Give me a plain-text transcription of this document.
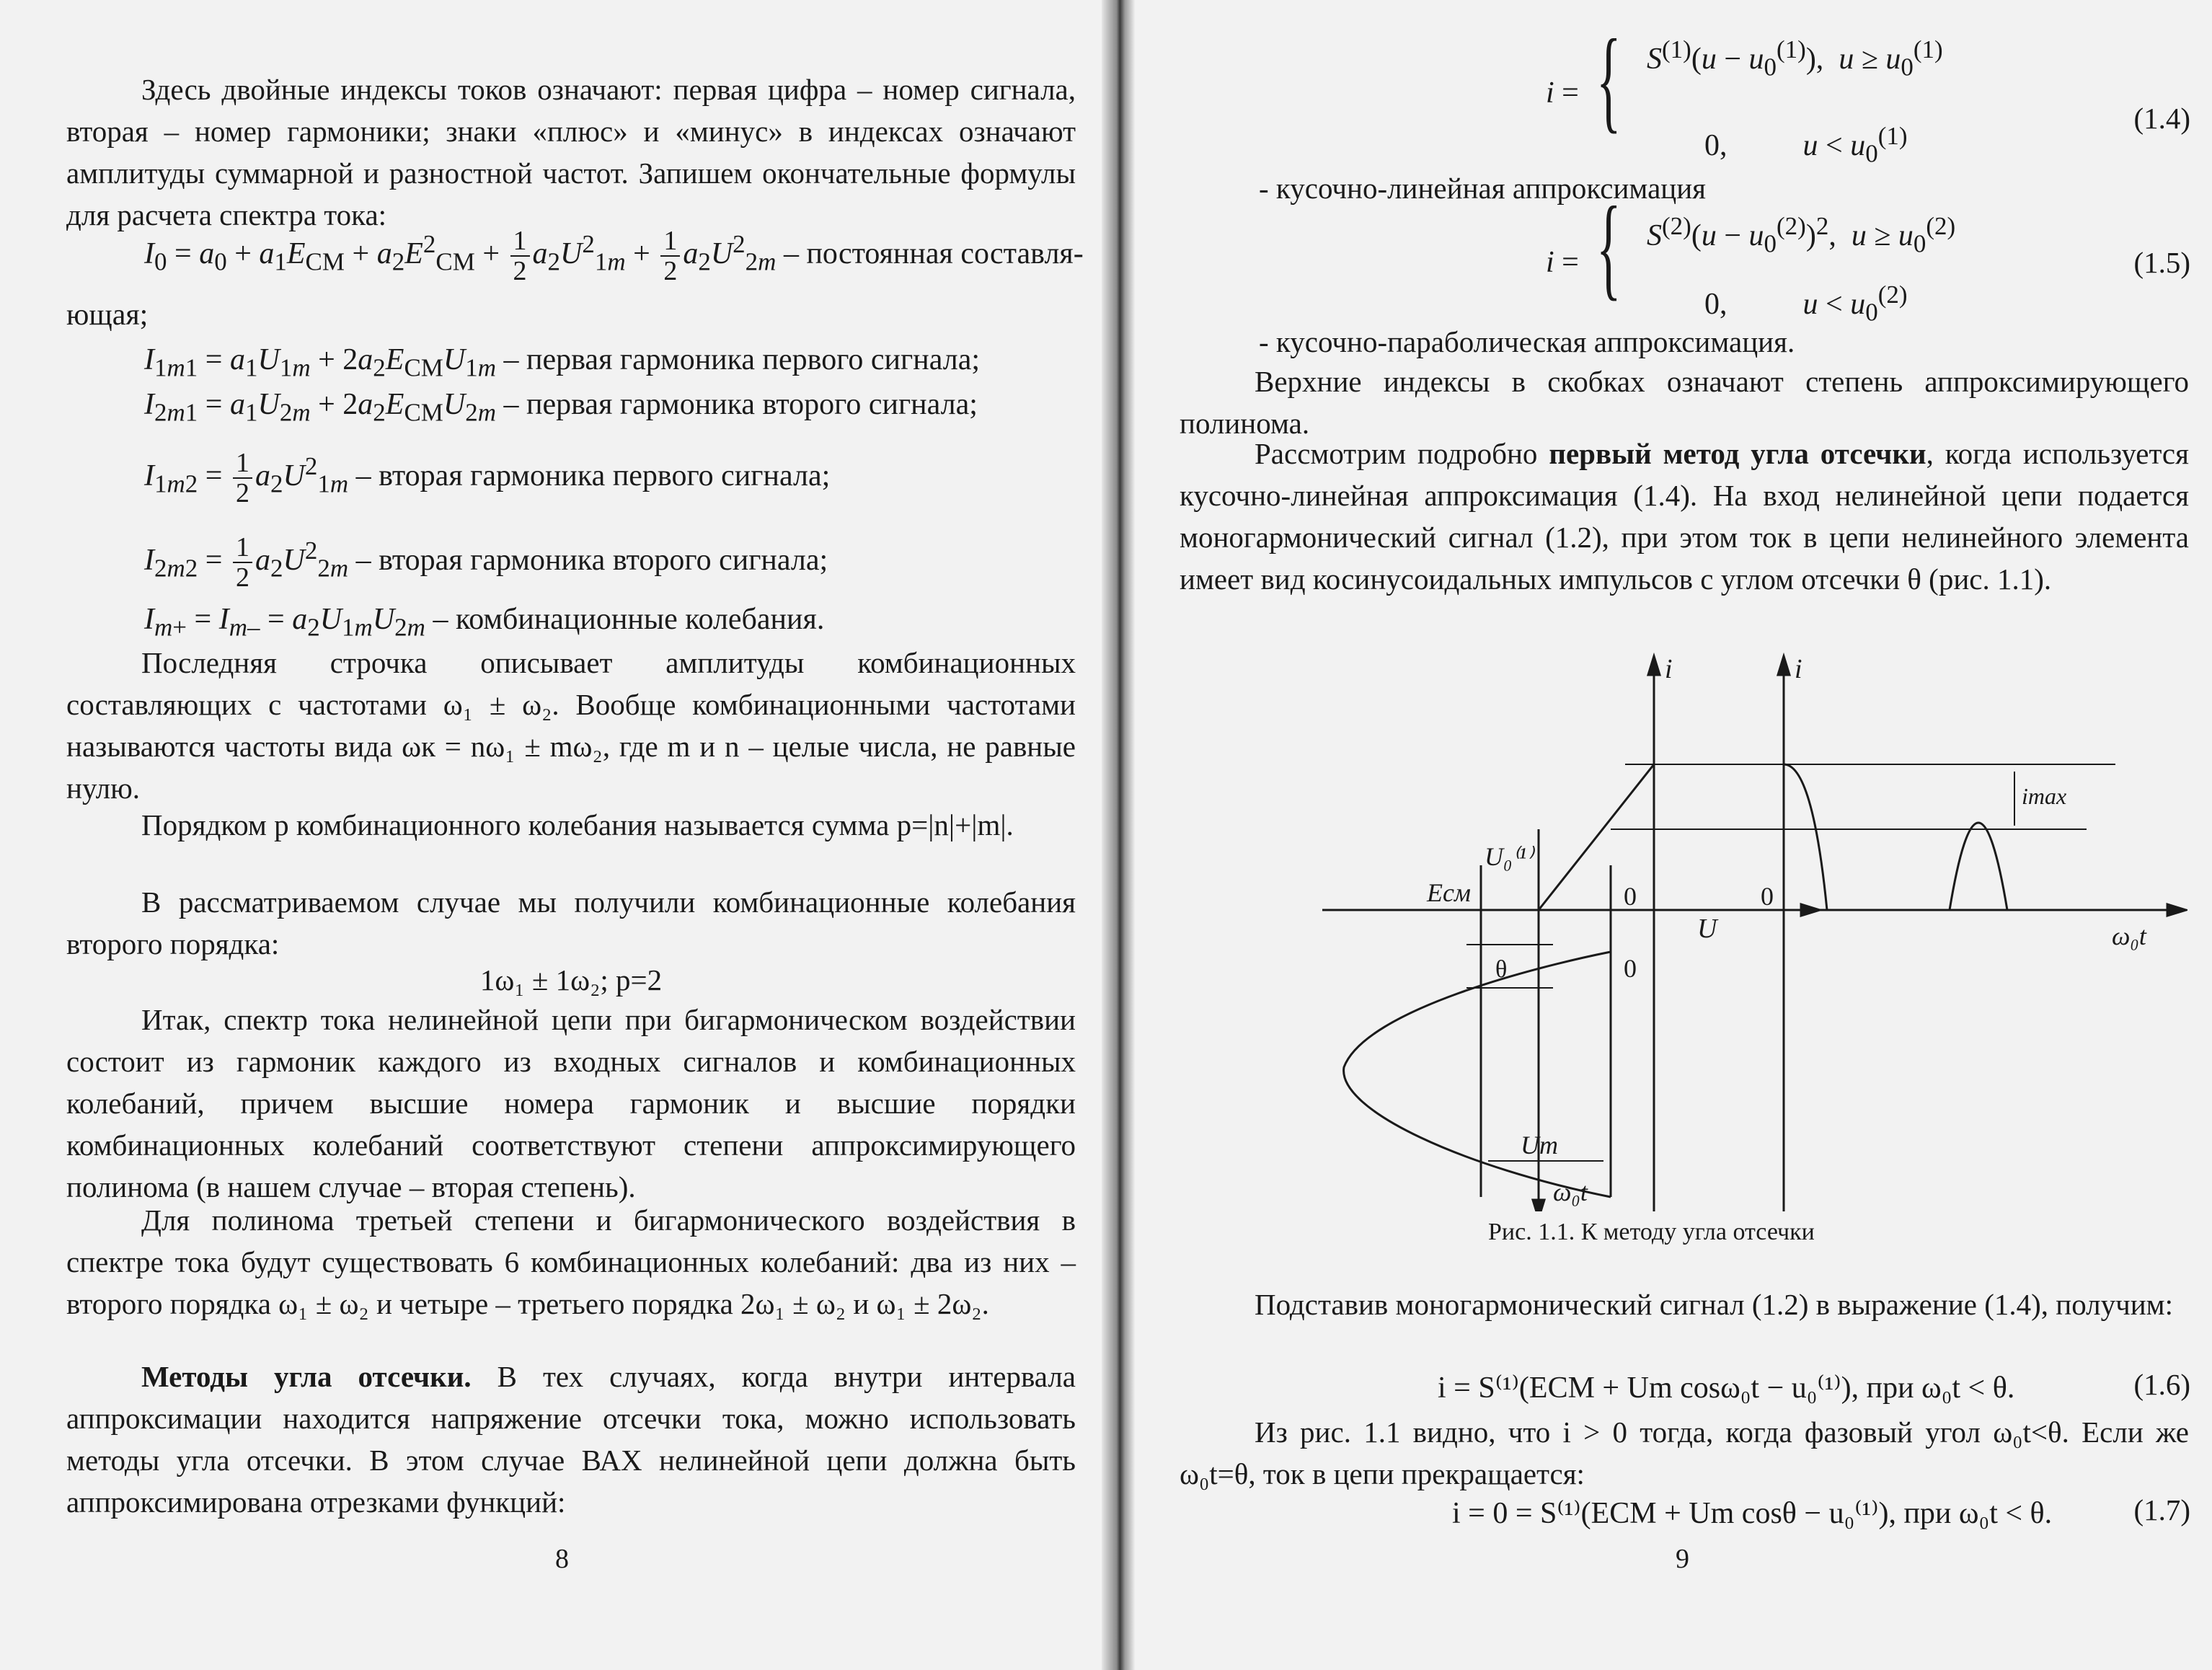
Здесь двойные индексы токов означают: первая цифра – номер сигнала, вторая – номер гармоники; знаки «плюс» и «минус» в индексах означают амплитуды суммарной и разностной частот. Запишем окончательные формулы для расчета спектра тока:

$I_0 = a_0 + a_1E_{СМ} + a_2E^2_{СМ} + \frac{1}{2} a_2U^2_{1m} + \frac{1}{2} a_2U^2_{2m}$ – постоянная составля-
ющая;
$I_{1m1} = a_1U_{1m} + 2a_2E_{СМ}U_{1m}$ – первая гармоника первого сигнала;
$I_{2m1} = a_1U_{2m} + 2a_2E_{СМ}U_{2m}$ – первая гармоника второго сигнала;
$I_{1m2} = \frac{1}{2} a_2U^2_{1m}$ – вторая гармоника первого сигнала;
$I_{2m2} = \frac{1}{2} a_2U^2_{2m}$ – вторая гармоника второго сигнала;
$I_{m+} = I_{m-} = a_2U_{1m}U_{2m}$ – комбинационные колебания.

Последняя строчка описывает амплитуды комбинационных составляющих с частотами ω₁ ± ω₂. Вообще комбинационными частотами называются частоты вида ωк = nω₁ ± mω₂, где m и n – целые числа, не равные нулю.

Порядком p комбинационного колебания называется сумма p=|n|+|m|.

В рассматриваемом случае мы получили комбинационные колебания второго порядка:

1ω₁ ± 1ω₂; p=2

Итак, спектр тока нелинейной цепи при бигармоническом воздействии состоит из гармоник каждого из входных сигналов и комбинационных колебаний, причем высшие номера гармоник и высшие порядки комбинационных колебаний соответствуют степени аппроксимирующего полинома (в нашем случае – вторая степень).

Для полинома третьей степени и бигармонического воздействия в спектре тока будут существовать 6 комбинационных колебаний: два из них – второго порядка ω₁ ± ω₂ и четыре – третьего порядка 2ω₁ ± ω₂ и ω₁ ± 2ω₂.

Методы угла отсечки. В тех случаях, когда внутри интервала аппроксимации находится напряжение отсечки тока, можно использовать методы угла отсечки. В этом случае ВАХ нелинейной цепи должна быть аппроксимирована отрезками функций:

8
i = { $S^{(1)}(u - u_0^{(1)})$,  $u \ge u_0^{(1)}$
0,          $u < u_0^{(1)}$
(1.4)

- кусочно-линейная аппроксимация

i = { $S^{(2)}(u - u_0^{(2)})^2$,  $u \ge u_0^{(2)}$
0,          $u < u_0^{(2)}$
(1.5)

- кусочно-параболическая аппроксимация.

Верхние индексы в скобках означают степень аппроксимирующего полинома.

Рассмотрим подробно первый метод угла отсечки, когда используется кусочно-линейная аппроксимация (1.4). На вход нелинейной цепи подается моногармонический сигнал (1.2), при этом ток в цепи нелинейного элемента имеет вид косинусоидальных импульсов с углом отсечки θ (рис. 1.1).

i	i
U₀⁽¹⁾
imax
Eсм	0
U
0
ω₀t
θ	0
Um
ω₀t
Рис. 1.1. К методу угла отсечки

Подставив моногармонический сигнал (1.2) в выражение (1.4), получим:

i = S⁽¹⁾(EСМ + Um cosω₀t − u₀⁽¹⁾), при ω₀t < θ.	(1.6)

Из рис. 1.1 видно, что i > 0 тогда, когда фазовый угол ω₀t<θ. Если же ω₀t=θ, ток в цепи прекращается:

i = 0 = S⁽¹⁾(ECM + Um cosθ − u₀⁽¹⁾), при ω₀t < θ.	(1.7)
9
